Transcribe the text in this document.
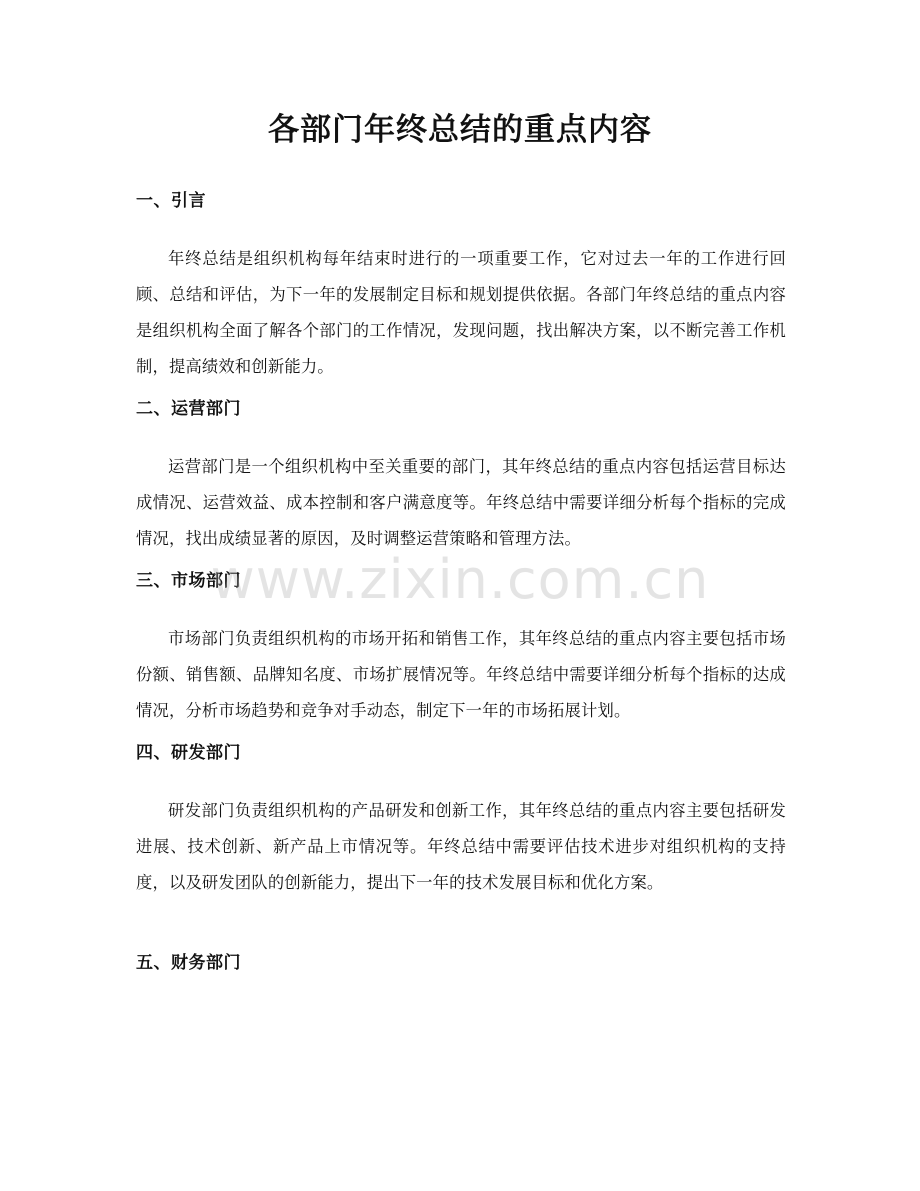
各部门年终总结的重点内容
一、引言

年终总结是组织机构每年结束时进行的一项重要工作，它对过去一年的工作进行回顾、总结和评估，为下一年的发展制定目标和规划提供依据。各部门年终总结的重点内容是组织机构全面了解各个部门的工作情况，发现问题，找出解决方案，以不断完善工作机制，提高绩效和创新能力。

二、运营部门

运营部门是一个组织机构中至关重要的部门，其年终总结的重点内容包括运营目标达成情况、运营效益、成本控制和客户满意度等。年终总结中需要详细分析每个指标的完成情况，找出成绩显著的原因，及时调整运营策略和管理方法。

三、市场部门

市场部门负责组织机构的市场开拓和销售工作，其年终总结的重点内容主要包括市场份额、销售额、品牌知名度、市场扩展情况等。年终总结中需要详细分析每个指标的达成情况，分析市场趋势和竞争对手动态，制定下一年的市场拓展计划。

四、研发部门

研发部门负责组织机构的产品研发和创新工作，其年终总结的重点内容主要包括研发进展、技术创新、新产品上市情况等。年终总结中需要评估技术进步对组织机构的支持度，以及研发团队的创新能力，提出下一年的技术发展目标和优化方案。

五、财务部门
www.zixin.com.cn
